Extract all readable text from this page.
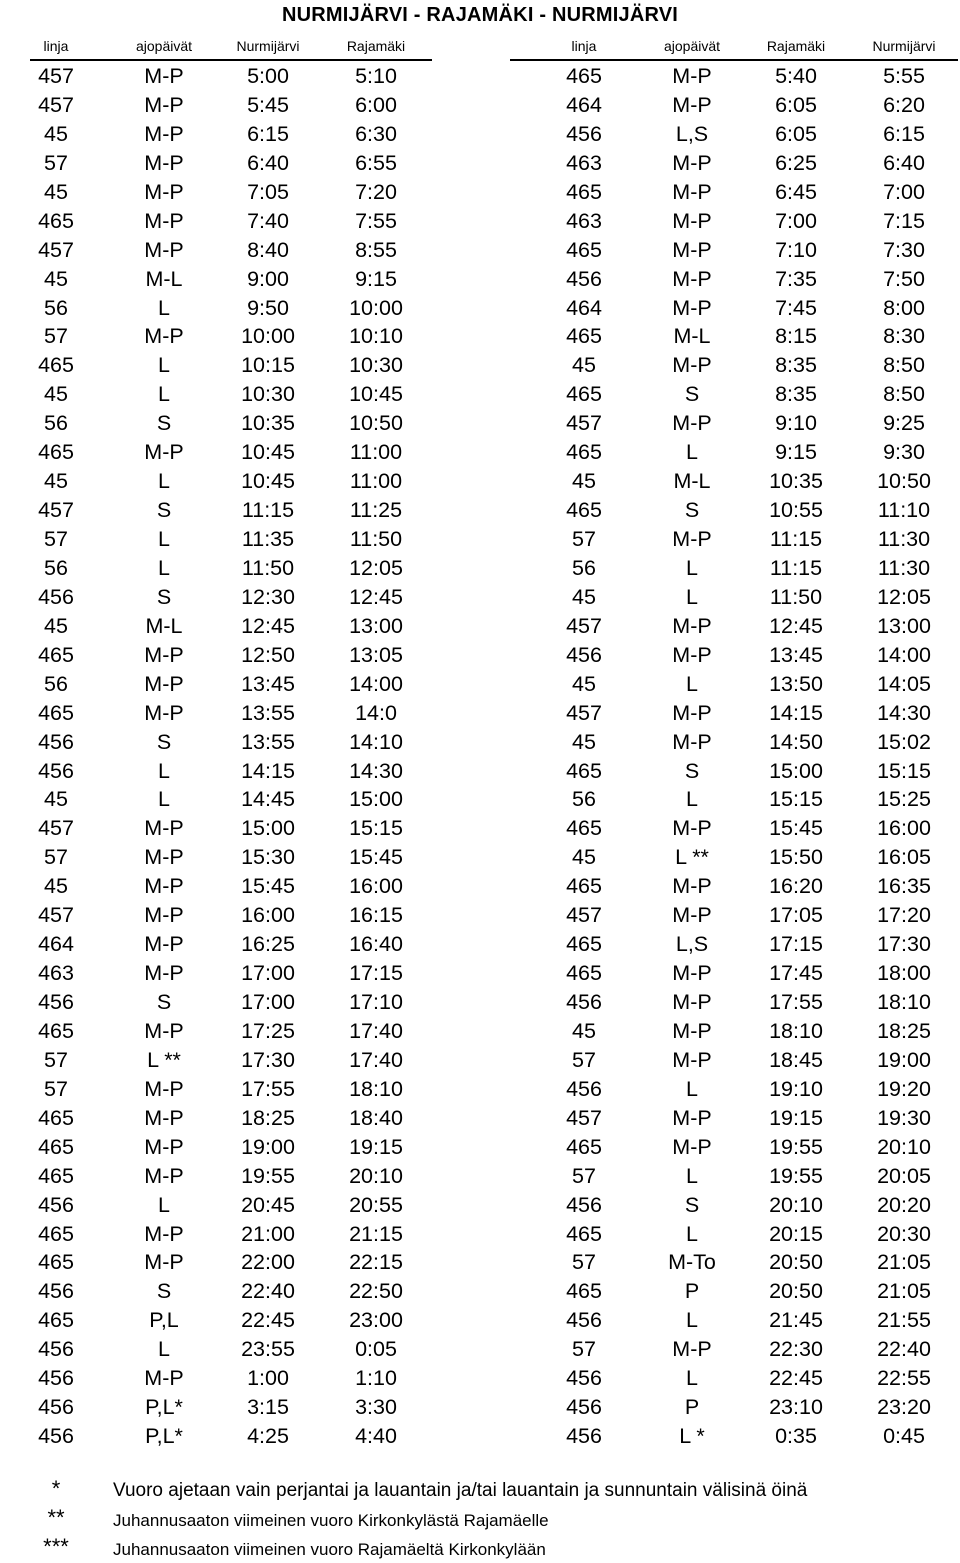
NURMIJÄRVI - RAJAMÄKI - NURMIJÄRVI
linja	ajopäivät	Nurmijärvi	Rajamäki	linja	ajopäivät	Rajamäki	Nurmijärvi
457	M-P	5:00	5:10
457	M-P	5:45	6:00
45	M-P	6:15	6:30
57	M-P	6:40	6:55
45	M-P	7:05	7:20
465	M-P	7:40	7:55
457	M-P	8:40	8:55
45	M-L	9:00	9:15
56	L	9:50	10:00
57	M-P	10:00	10:10
465	L	10:15	10:30
45	L	10:30	10:45
56	S	10:35	10:50
465	M-P	10:45	11:00
45	L	10:45	11:00
457	S	11:15	11:25
57	L	11:35	11:50
56	L	11:50	12:05
456	S	12:30	12:45
45	M-L	12:45	13:00
465	M-P	12:50	13:05
56	M-P	13:45	14:00
465	M-P	13:55	14:0
456	S	13:55	14:10
456	L	14:15	14:30
45	L	14:45	15:00
457	M-P	15:00	15:15
57	M-P	15:30	15:45
45	M-P	15:45	16:00
457	M-P	16:00	16:15
464	M-P	16:25	16:40
463	M-P	17:00	17:15
456	S	17:00	17:10
465	M-P	17:25	17:40
57	L **	17:30	17:40
57	M-P	17:55	18:10
465	M-P	18:25	18:40
465	M-P	19:00	19:15
465	M-P	19:55	20:10
456	L	20:45	20:55
465	M-P	21:00	21:15
465	M-P	22:00	22:15
456	S	22:40	22:50
465	P,L	22:45	23:00
456	L	23:55	0:05
456	M-P	1:00	1:10
456	P,L*	3:15	3:30
456	P,L*	4:25	4:40
465	M-P	5:40	5:55
464	M-P	6:05	6:20
456	L,S	6:05	6:15
463	M-P	6:25	6:40
465	M-P	6:45	7:00
463	M-P	7:00	7:15
465	M-P	7:10	7:30
456	M-P	7:35	7:50
464	M-P	7:45	8:00
465	M-L	8:15	8:30
45	M-P	8:35	8:50
465	S	8:35	8:50
457	M-P	9:10	9:25
465	L	9:15	9:30
45	M-L	10:35	10:50
465	S	10:55	11:10
57	M-P	11:15	11:30
56	L	11:15	11:30
45	L	11:50	12:05
457	M-P	12:45	13:00
456	M-P	13:45	14:00
45	L	13:50	14:05
457	M-P	14:15	14:30
45	M-P	14:50	15:02
465	S	15:00	15:15
56	L	15:15	15:25
465	M-P	15:45	16:00
45	L **	15:50	16:05
465	M-P	16:20	16:35
457	M-P	17:05	17:20
465	L,S	17:15	17:30
465	M-P	17:45	18:00
456	M-P	17:55	18:10
45	M-P	18:10	18:25
57	M-P	18:45	19:00
456	L	19:10	19:20
457	M-P	19:15	19:30
465	M-P	19:55	20:10
57	L	19:55	20:05
456	S	20:10	20:20
465	L	20:15	20:30
57	M-To	20:50	21:05
465	P	20:50	21:05
456	L	21:45	21:55
57	M-P	22:30	22:40
456	L	22:45	22:55
456	P	23:10	23:20
456	L *	0:35	0:45
*	Vuoro ajetaan vain perjantai ja lauantain ja/tai lauantain ja sunnuntain välisinä öinä
**	Juhannusaaton viimeinen vuoro Kirkonkylästä Rajamäelle
***	Juhannusaaton viimeinen vuoro Rajamäeltä Kirkonkylään
